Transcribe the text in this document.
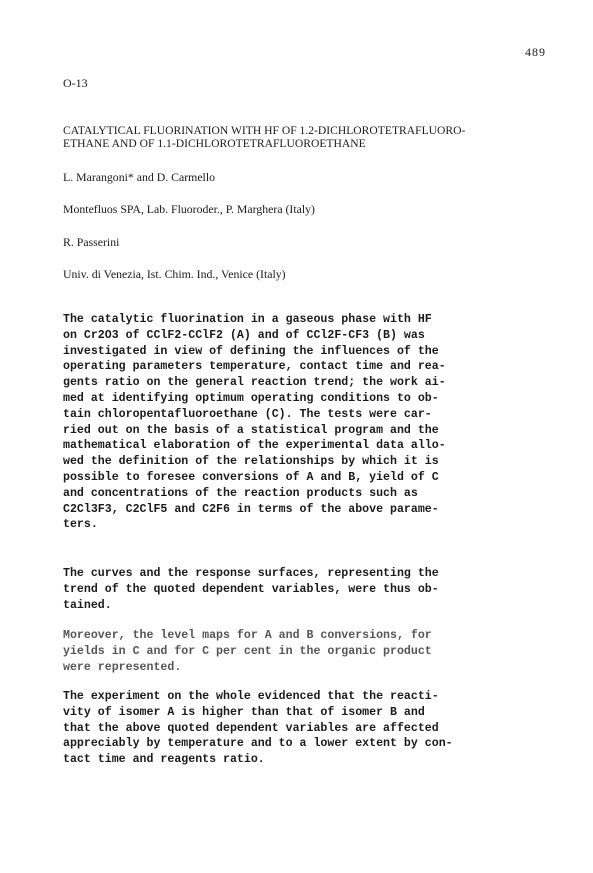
489
O-13
CATALYTICAL FLUORINATION WITH HF OF 1.2-DICHLOROTETRAFLUORO-
ETHANE AND OF 1.1-DICHLOROTETRAFLUOROETHANE
L. Marangoni* and D. Carmello
Montefluos SPA, Lab. Fluoroder., P. Marghera (Italy)
R. Passerini
Univ. di Venezia, Ist. Chim. Ind., Venice (Italy)
The catalytic fluorination in a gaseous phase with HF
on Cr2O3 of CClF2-CClF2 (A) and of CCl2F-CF3 (B) was
investigated in view of defining the influences of the
operating parameters temperature, contact time and rea-
gents ratio on the general reaction trend; the work ai-
med at identifying optimum operating conditions to ob-
tain chloropentafluoroethane (C). The tests were car-
ried out on the basis of a statistical program and the
mathematical elaboration of the experimental data allo-
wed the definition of the relationships by which it is
possible to foresee conversions of A and B, yield of C
and concentrations of the reaction products such as
C2Cl3F3, C2ClF5 and C2F6 in terms of the above parame-
ters.
The curves and the response surfaces, representing the
trend of the quoted dependent variables, were thus ob-
tained.
Moreover, the level maps for A and B conversions, for
yields in C and for C per cent in the organic product
were represented.
The experiment on the whole evidenced that the reacti-
vity of isomer A is higher than that of isomer B and
that the above quoted dependent variables are affected
appreciably by temperature and to a lower extent by con-
tact time and reagents ratio.
